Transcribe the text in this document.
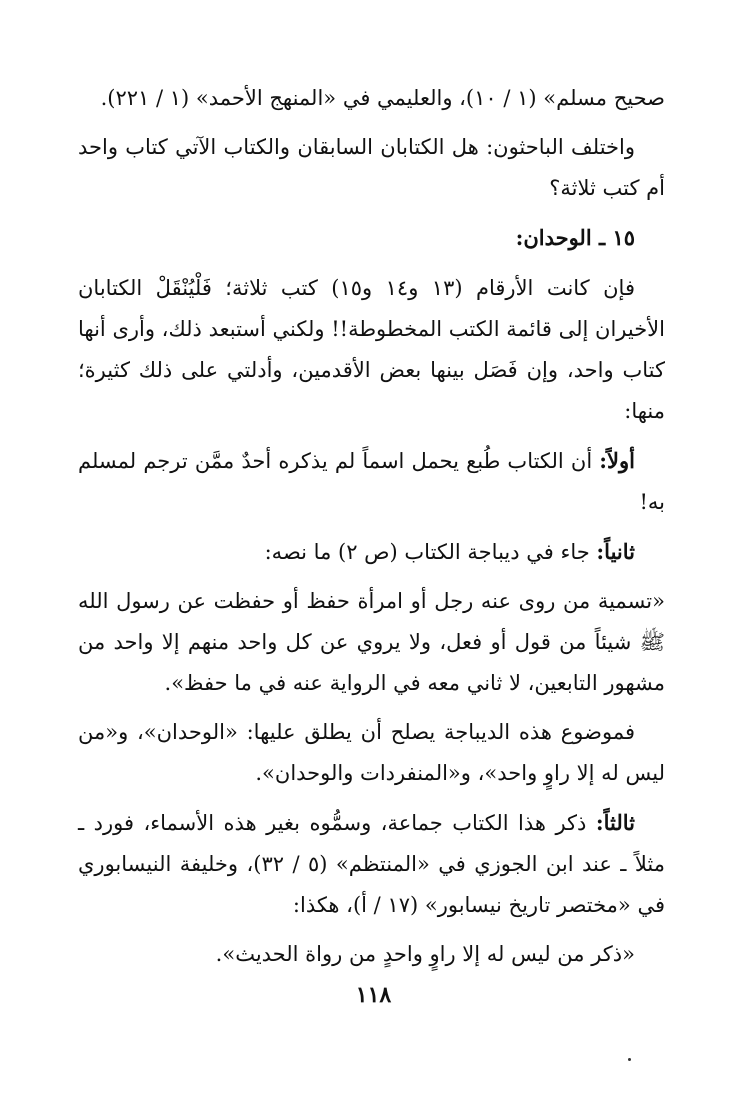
صحيح مسلم» (١ / ١٠)، والعليمي في «المنهج الأحمد» (١ / ٢٢١).

واختلف الباحثون: هل الكتابان السابقان والكتاب الآتي كتاب واحد أم كتب ثلاثة؟

١٥ ـ الوحدان:

فإن كانت الأرقام (١٣ و١٤ و١٥) كتب ثلاثة؛ فَلْيُنْقَلْ الكتابان الأخيران إلى قائمة الكتب المخطوطة!! ولكني أستبعد ذلك، وأرى أنها كتاب واحد، وإن فَصَل بينها بعض الأقدمين، وأدلتي على ذلك كثيرة؛ منها:

أولاً: أن الكتاب طُبع يحمل اسماً لم يذكره أحدٌ ممَّن ترجم لمسلم به!

ثانياً: جاء في ديباجة الكتاب (ص ٢) ما نصه:

«تسمية من روى عنه رجل أو امرأة حفظ أو حفظت عن رسول الله ﷺ شيئاً من قول أو فعل، ولا يروي عن كل واحد منهم إلا واحد من مشهور التابعين، لا ثاني معه في الرواية عنه في ما حفظ».

فموضوع هذه الديباجة يصلح أن يطلق عليها: «الوحدان»، و«من ليس له إلا راوٍ واحد»، و«المنفردات والوحدان».

ثالثاً: ذكر هذا الكتاب جماعة، وسمُّوه بغير هذه الأسماء، فورد ـ مثلاً ـ عند ابن الجوزي في «المنتظم» (٥ / ٣٢)، وخليفة النيسابوري في «مختصر تاريخ نيسابور» (١٧ / أ)، هكذا:

«ذكر من ليس له إلا راوٍ واحدٍ من رواة الحديث».

١١٨
